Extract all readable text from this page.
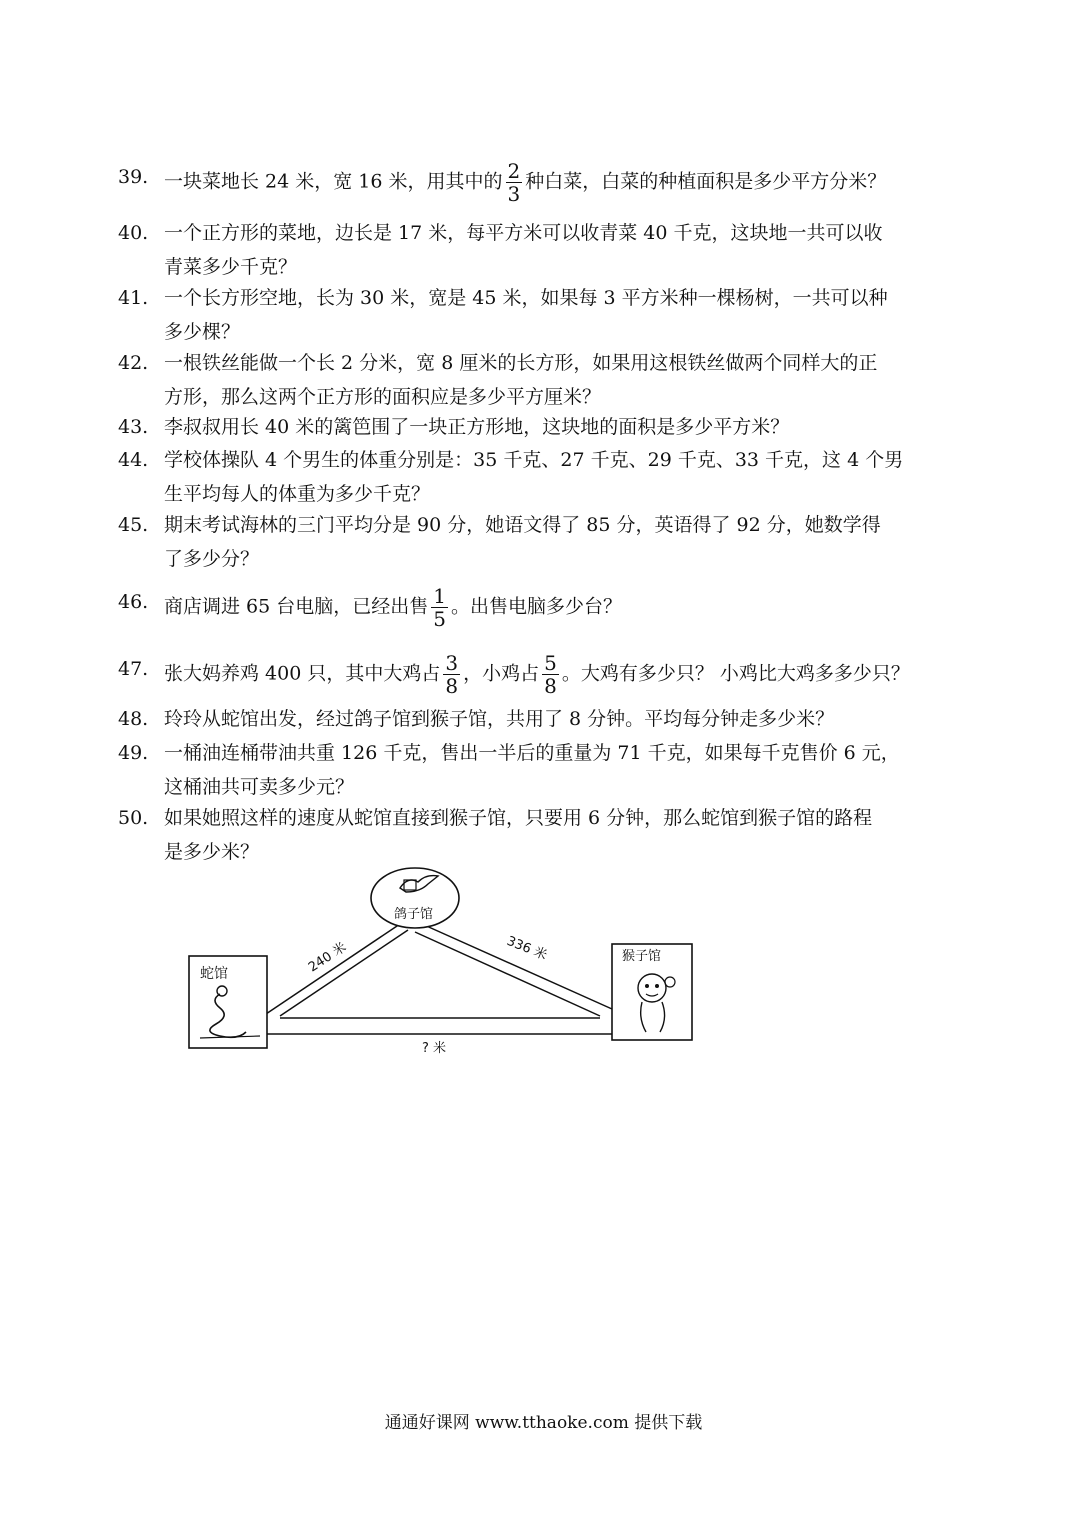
39. 一块菜地长 24 米，宽 16 米，用其中的 $\frac{2}{3}$ 种白菜，白菜的种植面积是多少平方分米？
40. 一个正方形的菜地，边长是 17 米，每平方米可以收青菜 40 千克，这块地一共可以收
青菜多少千克？
41. 一个长方形空地，长为 30 米，宽是 45 米，如果每 3 平方米种一棵杨树，一共可以种
多少棵？
42. 一根铁丝能做一个长 2 分米，宽 8 厘米的长方形，如果用这根铁丝做两个同样大的正
方形，那么这两个正方形的面积应是多少平方厘米？
43. 李叔叔用长 40 米的篱笆围了一块正方形地，这块地的面积是多少平方米？
44. 学校体操队 4 个男生的体重分别是：35 千克、27 千克、29 千克、33 千克，这 4 个男
生平均每人的体重为多少千克？
45. 期末考试海林的三门平均分是 90 分，她语文得了 85 分，英语得了 92 分，她数学得
了多少分？
46. 商店调进 65 台电脑，已经出售 $\frac{1}{5}$ 。出售电脑多少台？
47. 张大妈养鸡 400 只，其中大鸡占 $\frac{3}{8}$ ，小鸡占 $\frac{5}{8}$ 。大鸡有多少只？ 小鸡比大鸡多多少只？
48. 玲玲从蛇馆出发，经过鸽子馆到猴子馆，共用了 8 分钟。平均每分钟走多少米？
49. 一桶油连桶带油共重 126 千克，售出一半后的重量为 71 千克，如果每千克售价 6 元，
这桶油共可卖多少元？
50. 如果她照这样的速度从蛇馆直接到猴子馆，只要用 6 分钟，那么蛇馆到猴子馆的路程
是多少米？
蛇馆
鸽子馆
猴子馆
240 米	336 米
? 米
通通好课网 www.tthaoke.com 提供下载
